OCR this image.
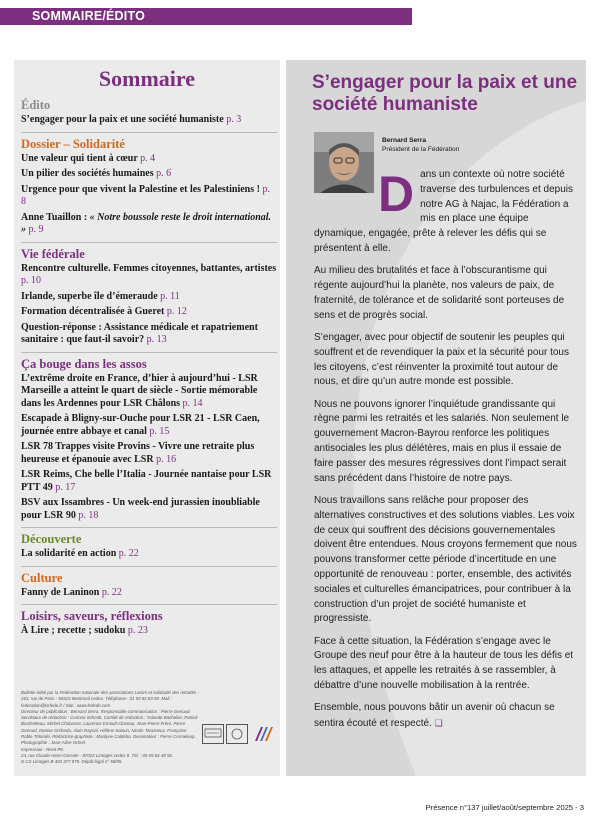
SOMMAIRE/ÉDITO
Sommaire
Édito
S’engager pour la paix et une société humaniste p. 3
Dossier – Solidarité
Une valeur qui tient à cœur p. 4
Un pilier des sociétés humaines p. 6
Urgence pour que vivent la Palestine et les Palestiniens ! p. 8
Anne Tuaillon : « Notre boussole reste le droit international. » p. 9
Vie fédérale
Rencontre culturelle. Femmes citoyennes, battantes, artistes p. 10
Irlande, superbe île d’émeraude p. 11
Formation décentralisée à Gueret p. 12
Question-réponse : Assistance médicale et rapatriement sanitaire : que faut-il savoir? p. 13
Ça bouge dans les assos
L’extrême droite en France, d’hier à aujourd’hui - LSR Marseille a atteint le quart de siècle - Sortie mémorable dans les Ardennes pour LSR Châlons p. 14
Escapade à Bligny-sur-Ouche pour LSR 21 - LSR Caen, journée entre abbaye et canal p. 15
LSR 78 Trappes visite Provins - Vivre une retraite plus heureuse et épanouie avec LSR p. 16
LSR Reims, Che belle l’Italia - Journée nantaise pour LSR PTT 49 p. 17
BSV aux Issambres - Un week-end jurassien inoubliable pour LSR 90 p. 18
Découverte
La solidarité en action p. 22
Culture
Fanny de Laninon p. 22
Loisirs, saveurs, réflexions
À Lire ; recette ; sudoku p. 23
Bulletin édité par la Fédération nationale des associations Loisirs et solidarité des retraités - 263, rue de Paris - 93515 Montreuil cedex. Téléphone : 01 55 82 83 90. Mail : federation@lsrfede.fr / Site : www.lsrfede.com
Directeur de publication : Bernard Serra. Responsable communication : Pierre Genoud. Secrétaire de rédaction : Corinne Schmitt. Comité de rédaction : Yolande Bachelier, Patrick Brochetteau, Michel Chabasse, Laurence Ernoult-Clozeau, Jean-Pierre Frère, Pierre Genoud, Denise Orcheda, Alain Raynal, Hélène Salaun, Nicole Taraisieux, Françoise Roble Tétaride. Rédactrice-graphiste : Marilyne Caldéba. Dessinateur : Pierre Cormeleup. Photographie : Jean-Aline Orbrel.
Impression : Rivet PE.
24, rue Claude-Henri-Gorsele - 87022 Limoges cedex 9. Tél. : 05 55 04 49 50.
N CS Limoges B 403 377 979. Dépôt légal n° 58/95.
S’engager pour la paix et une société humaniste
Bernard Serra
Président de la Fédération

Dans un contexte où notre société traverse des turbulences et depuis notre AG à Najac, la Fédération a mis en place une équipe dynamique, engagée, prête à relever les défis qui se présentent à elle.

Au milieu des brutalités et face à l’obscurantisme qui régente aujourd’hui la planète, nos valeurs de paix, de fraternité, de tolérance et de solidarité sont porteuses de sens et de progrès social.

S’engager, avec pour objectif de soutenir les peuples qui souffrent et de revendiquer la paix et la sécurité pour tous les citoyens, c’est réinventer la proximité tout autour de nous, et dire qu’un autre monde est possible.

Nous ne pouvons ignorer l’inquiétude grandissante qui règne parmi les retraités et les salariés. Non seulement le gouvernement Macron-Bayrou renforce les politiques antisociales les plus délétères, mais en plus il essaie de faire passer des mesures régressives dont l’impact serait sans précédent dans l’histoire de notre pays.

Nous travaillons sans relâche pour proposer des alternatives constructives et des solutions viables. Les voix de ceux qui souffrent des décisions gouvernementales doivent être entendues. Nous croyons fermement que nous pouvons transformer cette période d’incertitude en une opportunité de renouveau : porter, ensemble, des activités sociales et culturelles émancipatrices, pour contribuer à la construction d’un projet de société humaniste et progressiste.

Face à cette situation, la Fédération s’engage avec le Groupe des neuf pour être à la hauteur de tous les défis et les attaques, et appelle les retraités à se rassembler, à débattre d’une nouvelle mobilisation à la rentrée.

Ensemble, nous pouvons bâtir un avenir où chacun se sentira écouté et respecté. ❑

Présence n°137 juillet/août/septembre 2025 - 3
